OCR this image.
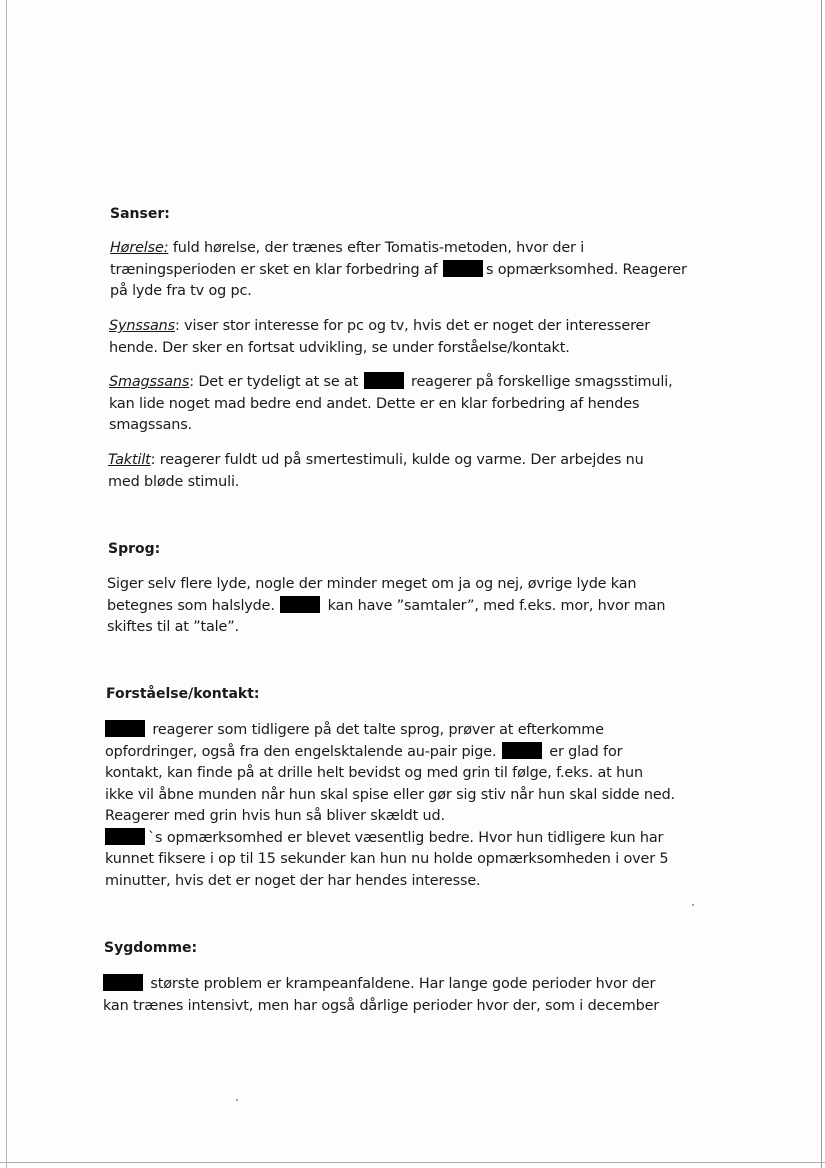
Sanser:

Hørelse: fuld hørelse, der trænes efter Tomatis-metoden, hvor der i
træningsperioden er sket en klar forbedring af	s opmærksomhed. Reagerer
på lyde fra tv og pc.

Synssans: viser stor interesse for pc og tv, hvis det er noget der interesserer
hende. Der sker en fortsat udvikling, se under forståelse/kontakt.

Smagssans: Det er tydeligt at se at	reagerer på forskellige smagsstimuli,
kan lide noget mad bedre end andet. Dette er en klar forbedring af hendes
smagssans.

Taktilt: reagerer fuldt ud på smertestimuli, kulde og varme. Der arbejdes nu
med bløde stimuli.

Sprog:

Siger selv flere lyde, nogle der minder meget om ja og nej, øvrige lyde kan
betegnes som halslyde.	kan have ”samtaler”, med f.eks. mor, hvor man
skiftes til at ”tale”.

Forståelse/kontakt:

reagerer som tidligere på det talte sprog, prøver at efterkomme
opfordringer, også fra den engelsktalende au-pair pige.	er glad for
kontakt, kan finde på at drille helt bevidst og med grin til følge, f.eks. at hun
ikke vil åbne munden når hun skal spise eller gør sig stiv når hun skal sidde ned.
Reagerer med grin hvis hun så bliver skældt ud.
`s opmærksomhed er blevet væsentlig bedre. Hvor hun tidligere kun har
kunnet fiksere i op til 15 sekunder kan hun nu holde opmærksomheden i over 5
minutter, hvis det er noget der har hendes interesse.

Sygdomme:

største problem er krampeanfaldene. Har lange gode perioder hvor der
kan trænes intensivt, men har også dårlige perioder hvor der, som i december
